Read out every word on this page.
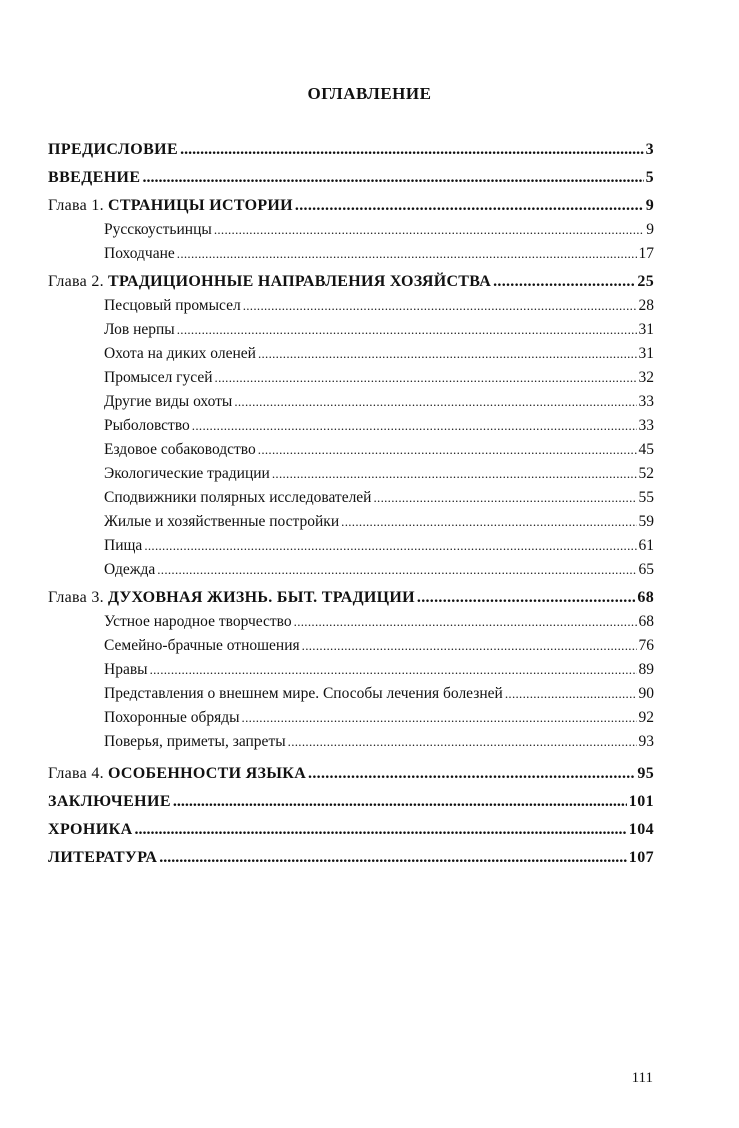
ОГЛАВЛЕНИЕ
ПРЕДИСЛОВИЕ .....	3
ВВЕДЕНИЕ .....	5
Глава 1. СТРАНИЦЫ ИСТОРИИ .....	9
Русскоустьинцы .....	9
Походчане .....	17
Глава 2. ТРАДИЦИОННЫЕ НАПРАВЛЕНИЯ ХОЗЯЙСТВА .....	25
Песцовый промысел .....	28
Лов нерпы .....	31
Охота на диких оленей .....	31
Промысел гусей .....	32
Другие виды охоты .....	33
Рыболовство .....	33
Ездовое собаководство .....	45
Экологические традиции .....	52
Сподвижники полярных исследователей .....	55
Жилые и хозяйственные постройки .....	59
Пища .....	61
Одежда .....	65
Глава 3. ДУХОВНАЯ ЖИЗНЬ. БЫТ. ТРАДИЦИИ .....	68
Устное народное творчество .....	68
Семейно-брачные отношения .....	76
Нравы .....	89
Представления о внешнем мире. Способы лечения болезней .....	90
Похоронные обряды .....	92
Поверья, приметы, запреты .....	93
Глава 4. ОСОБЕННОСТИ ЯЗЫКА .....	95
ЗАКЛЮЧЕНИЕ .....	101
ХРОНИКА .....	104
ЛИТЕРАТУРА .....	107
111
